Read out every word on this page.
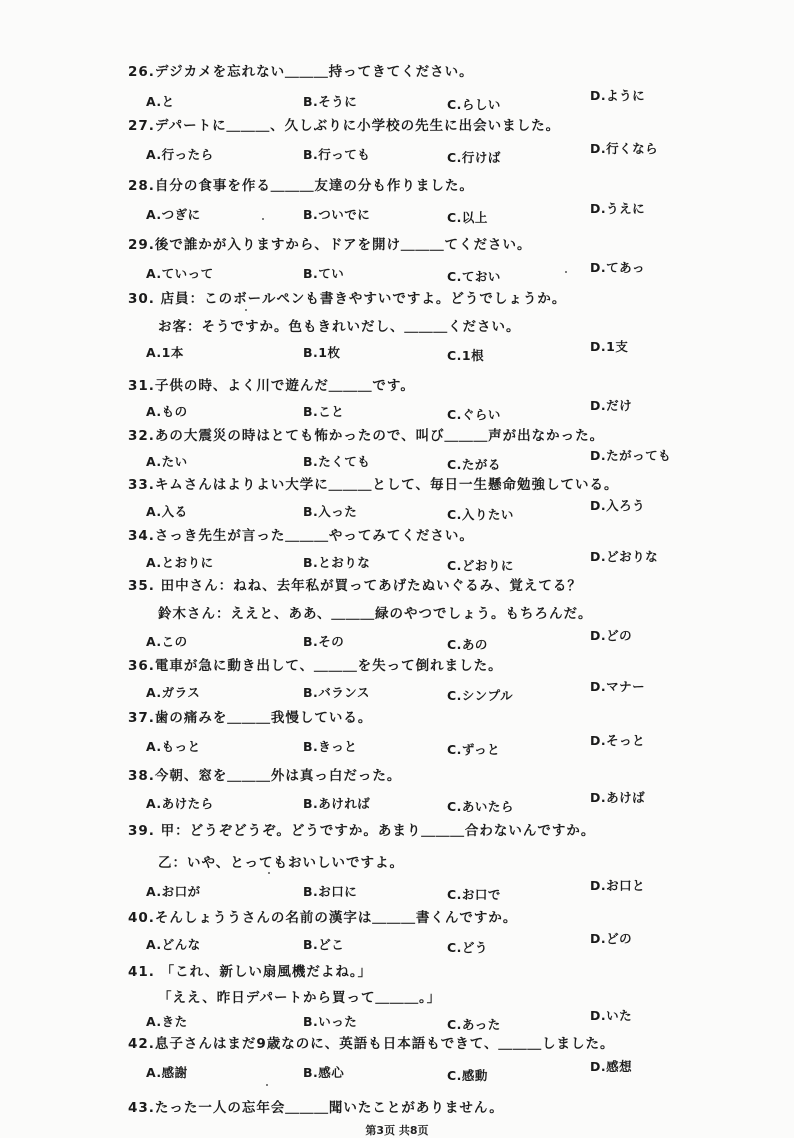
26.デジカメを忘れない＿＿＿持ってきてください。
A.と	B.そうに	C.らしい
D.ように
27.デパートに＿＿＿、久しぶりに小学校の先生に出会いました。
A.行ったら	B.行っても	C.行けば
D.行くなら
28.自分の食事を作る＿＿＿友達の分も作りました。
A.つぎに	B.ついでに	C.以上
D.うえに
29.後で誰かが入りますから、ドアを開け＿＿＿てください。
A.ていって	B.てい	C.ておい
D.てあっ
30. 店員：このボールペンも書きやすいですよ。どうでしょうか。
お客：そうですか。色もきれいだし、＿＿＿ください。
A.1本	B.1枚	C.1根
D.1支
31.子供の時、よく川で遊んだ＿＿＿です。
A.もの	B.こと	C.ぐらい
D.だけ
32.あの大震災の時はとても怖かったので、叫び＿＿＿声が出なかった。
A.たい	B.たくても	C.たがる
D.たがっても
33.キムさんはよりよい大学に＿＿＿として、毎日一生懸命勉強している。
A.入る	B.入った	C.入りたい
D.入ろう
34.さっき先生が言った＿＿＿やってみてください。
A.とおりに	B.とおりな	C.どおりに
D.どおりな
35. 田中さん：ねね、去年私が買ってあげたぬいぐるみ、覚えてる？
鈴木さん：ええと、ああ、＿＿＿緑のやつでしょう。もちろんだ。
A.この	B.その	C.あの
D.どの
36.電車が急に動き出して、＿＿＿を失って倒れました。
A.ガラス	B.バランス	C.シンプル
D.マナー
37.歯の痛みを＿＿＿我慢している。
A.もっと	B.きっと	C.ずっと
D.そっと
38.今朝、窓を＿＿＿外は真っ白だった。
A.あけたら	B.あければ	C.あいたら
D.あけば
39. 甲：どうぞどうぞ。どうですか。あまり＿＿＿合わないんですか。
乙：いや、とってもおいしいですよ。
A.お口が	B.お口に	C.お口で
D.お口と
40.そんしょううさんの名前の漢字は＿＿＿書くんですか。
A.どんな	B.どこ	C.どう
D.どの
41. 「これ、新しい扇風機だよね。」
「ええ、昨日デパートから買って＿＿＿。」
A.きた	B.いった	C.あった
D.いた
42.息子さんはまだ9歳なのに、英語も日本語もできて、＿＿＿しました。
A.感謝	B.感心	C.感動
D.感想
43.たった一人の忘年会＿＿＿聞いたことがありません。
第3页 共8页
